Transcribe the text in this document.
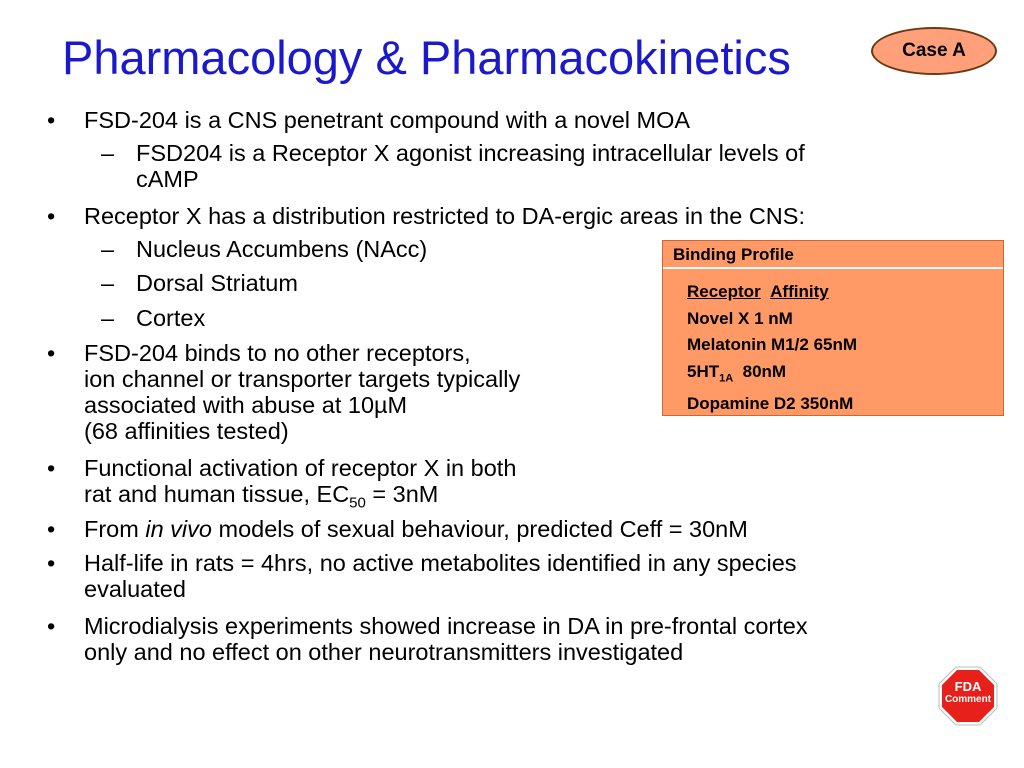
Pharmacology & Pharmacokinetics	Case A
• FSD-204 is a CNS penetrant compound with a novel MOA
– FSD204 is a Receptor X agonist increasing intracellular levels of
cAMP
• Receptor X has a distribution restricted to DA-ergic areas in the CNS:
– Nucleus Accumbens (NAcc)
– Dorsal Striatum
– Cortex
• FSD-204 binds to no other receptors,
ion channel or transporter targets typically
associated with abuse at 10µM
(68 affinities tested)
• Functional activation of receptor X in both
rat and human tissue, $EC_{50} = 3nM$
• From in vivo models of sexual behaviour, predicted Ceff = 30nM
• Half-life in rats = 4hrs, no active metabolites identified in any species
evaluated
• Microdialysis experiments showed increase in DA in pre-frontal cortex
only and no effect on other neurotransmitters investigated
Binding Profile
Receptor Affinity
Novel X 1 nM
Melatonin M1/2 65nM
$5HT_{1A}$  80nM
Dopamine D2 350nM
FDA
Comment
